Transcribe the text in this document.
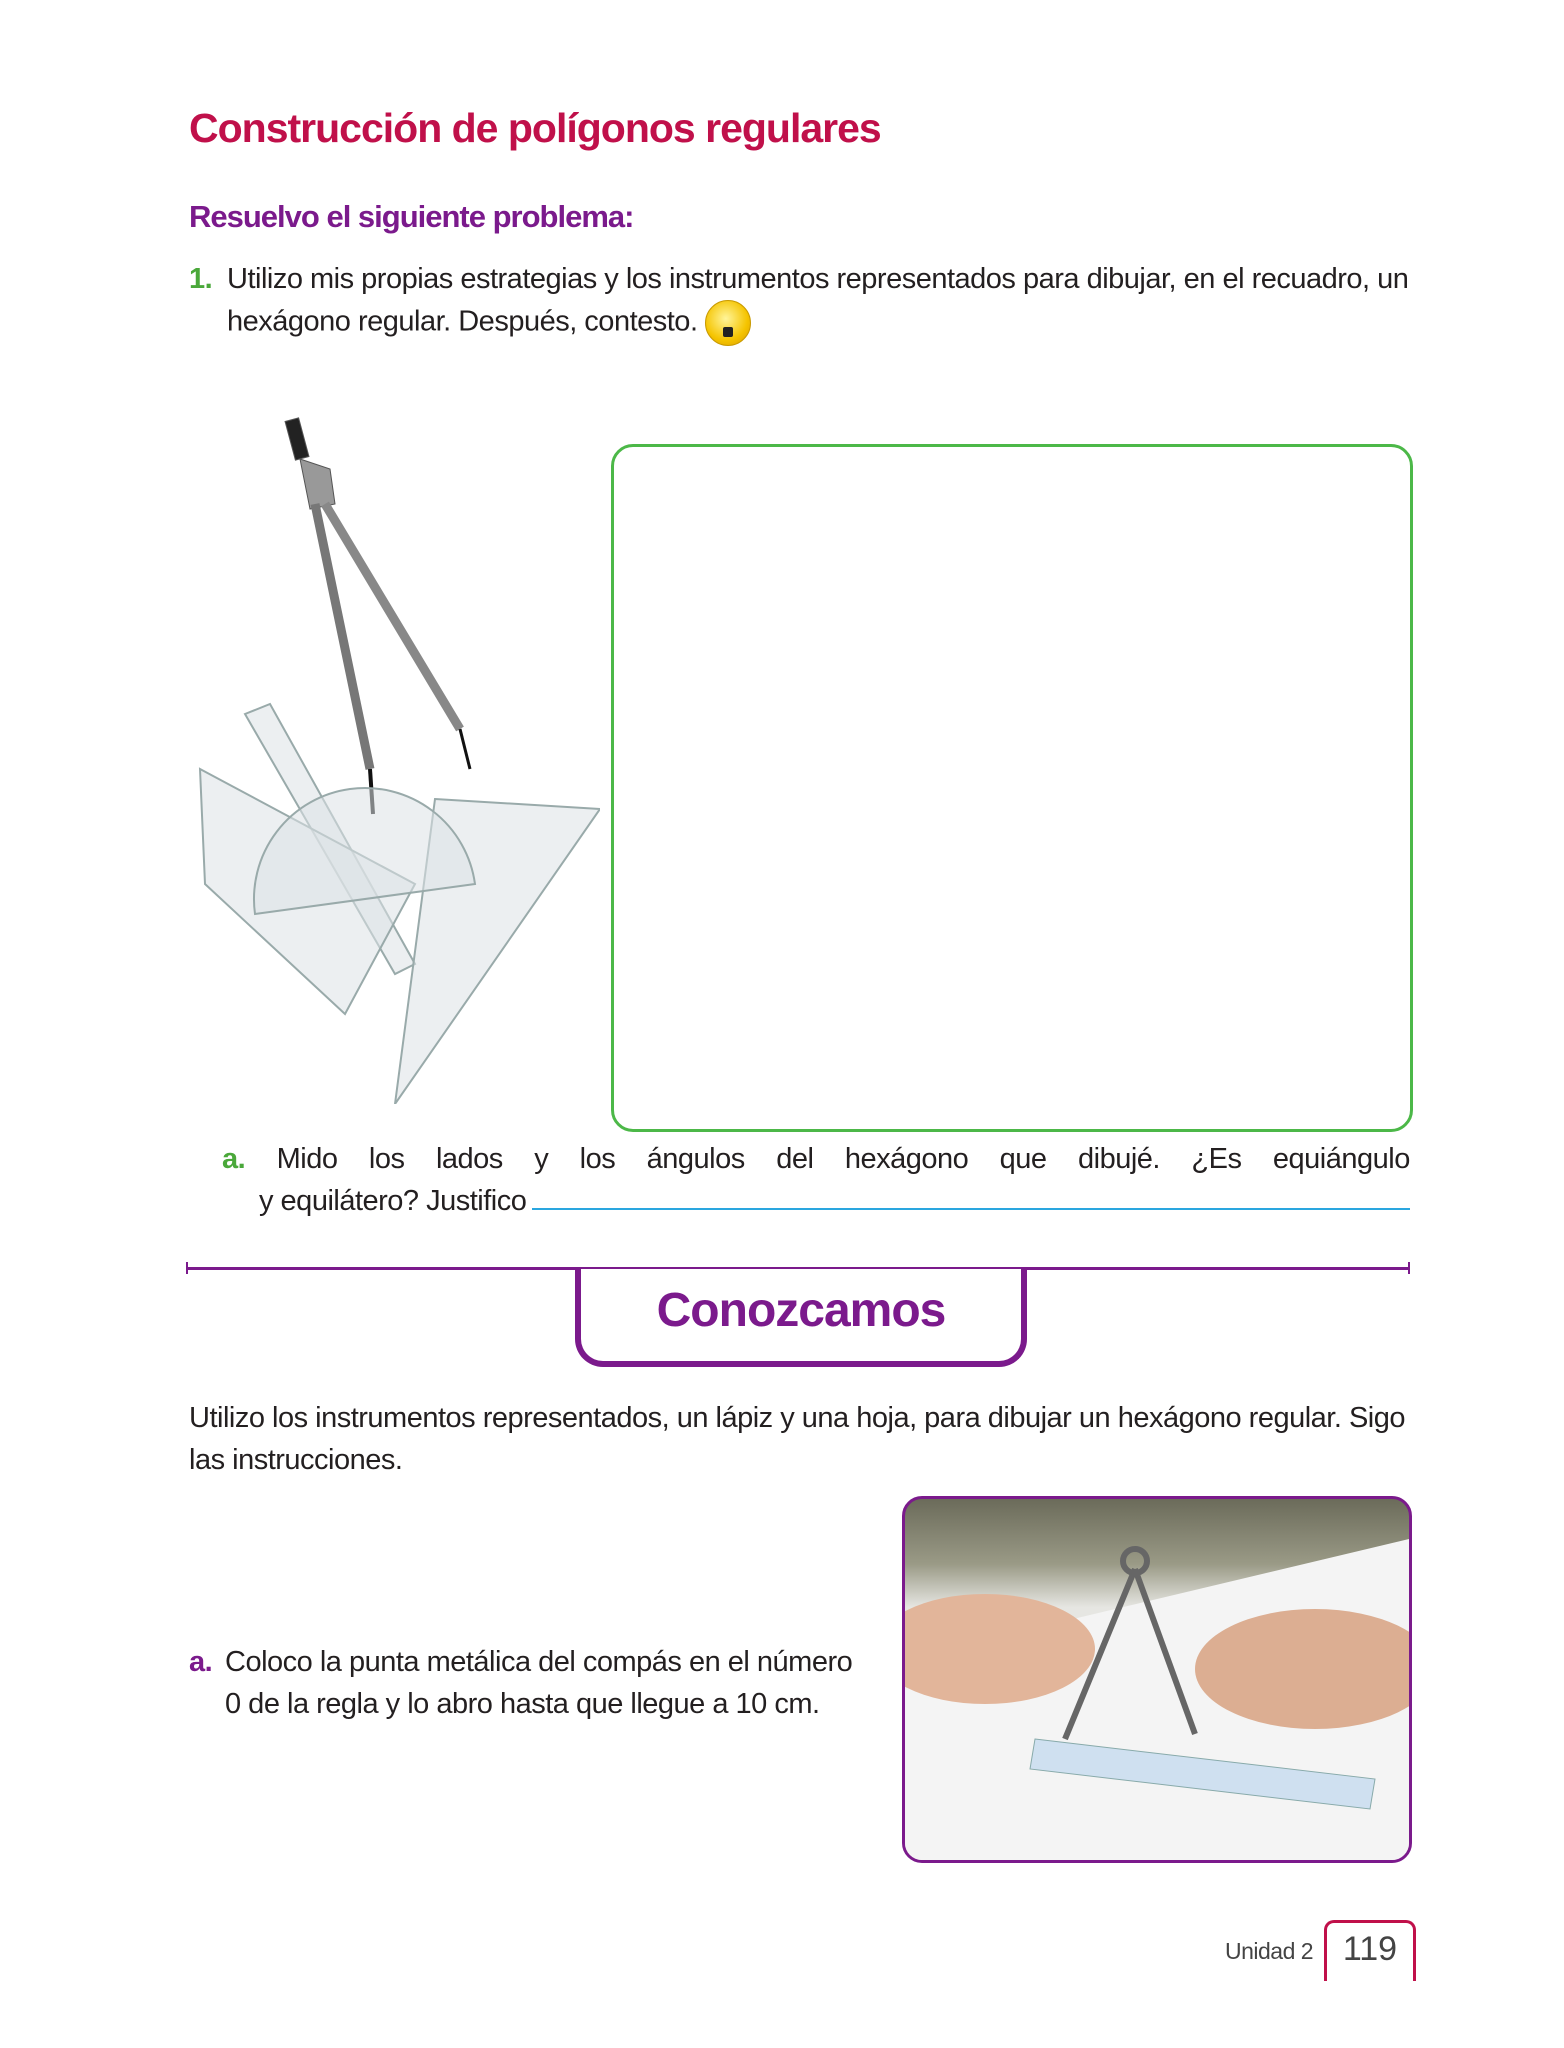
Construcción de polígonos regulares
Resuelvo el siguiente problema:
1. Utilizo mis propias estrategias y los instrumentos representados para dibujar, en el recuadro, un hexágono regular. Después, contesto.
a. Mido los lados y los ángulos del hexágono que dibujé. ¿Es equiángulo
y equilátero? Justifico
Conozcamos
Utilizo los instrumentos representados, un lápiz y una hoja, para dibujar un hexágono regular. Sigo las instrucciones.
a. Coloco la punta metálica del compás en el número 0 de la regla y lo abro hasta que llegue a 10 cm.
Unidad 2 119
